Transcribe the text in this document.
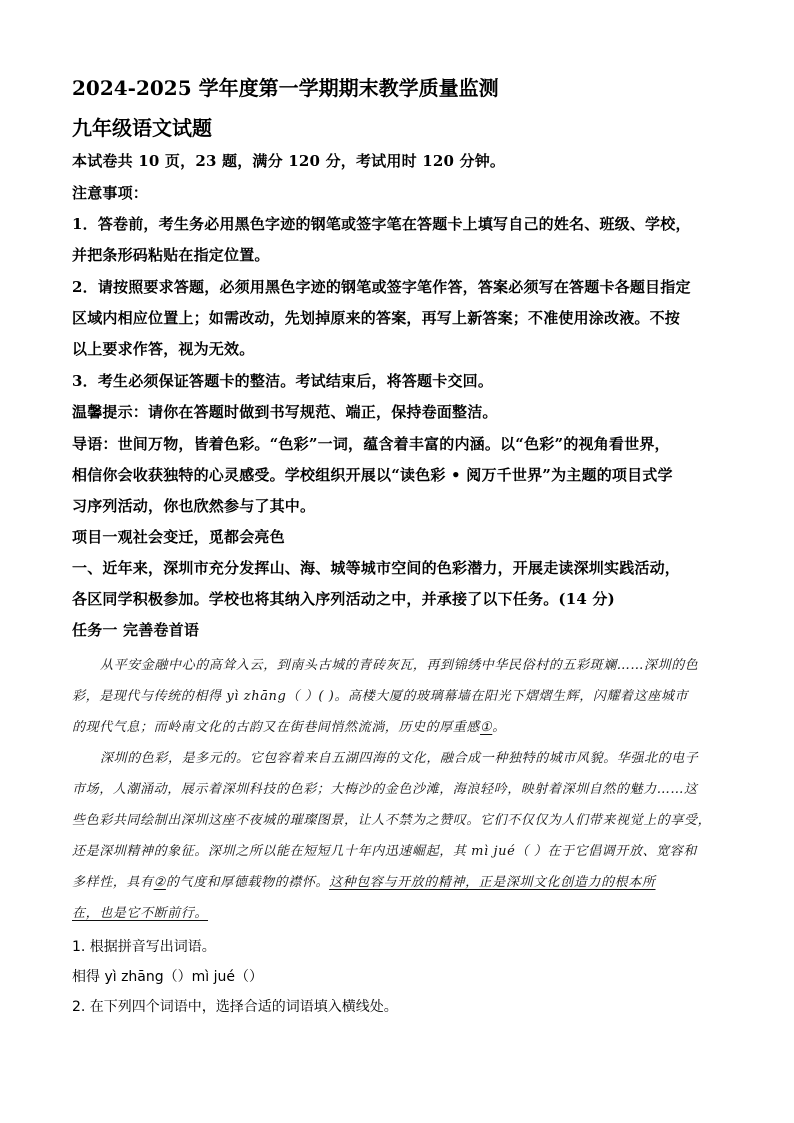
2024-2025 学年度第一学期期末教学质量监测
九年级语文试题
本试卷共 10 页，23 题，满分 120 分，考试用时 120 分钟。
注意事项：
1．答卷前，考生务必用黑色字迹的钢笔或签字笔在答题卡上填写自己的姓名、班级、学校，
并把条形码粘贴在指定位置。
2．请按照要求答题，必须用黑色字迹的钢笔或签字笔作答，答案必须写在答题卡各题目指定
区域内相应位置上；如需改动，先划掉原来的答案，再写上新答案；不准使用涂改液。不按
以上要求作答，视为无效。
3．考生必须保证答题卡的整洁。考试结束后，将答题卡交回。
温馨提示：请你在答题时做到书写规范、端正，保持卷面整洁。
导语：世间万物，皆着色彩。“色彩”一词，蕴含着丰富的内涵。以“色彩”的视角看世界，
相信你会收获独特的心灵感受。学校组织开展以“读色彩 • 阅万千世界”为主题的项目式学
习序列活动，你也欣然参与了其中。
项目一观社会变迁，觅都会亮色
一、近年来，深圳市充分发挥山、海、城等城市空间的色彩潜力，开展走读深圳实践活动，
各区同学积极参加。学校也将其纳入序列活动之中，并承接了以下任务。(14 分)
任务一 完善卷首语
从平安金融中心的高耸入云，到南头古城的青砖灰瓦，再到锦绣中华民俗村的五彩斑斓……深圳的色
彩，是现代与传统的相得 yì zhāng（ ）( )。高楼大厦的玻璃幕墙在阳光下熠熠生辉，闪耀着这座城市
的现代气息；而岭南文化的古韵又在街巷间悄然流淌，历史的厚重感①。
深圳的色彩，是多元的。它包容着来自五湖四海的文化，融合成一种独特的城市风貌。华强北的电子
市场，人潮涌动，展示着深圳科技的色彩；大梅沙的金色沙滩，海浪轻吟，映射着深圳自然的魅力……这
些色彩共同绘制出深圳这座不夜城的璀璨图景，让人不禁为之赞叹。它们不仅仅为人们带来视觉上的享受，
还是深圳精神的象征。深圳之所以能在短短几十年内迅速崛起，其 mì jué（ ）在于它倡调开放、宽容和
多样性，具有②的气度和厚德载物的襟怀。这种包容与开放的精神，正是深圳文化创造力的根本所
在，也是它不断前行。
1. 根据拼音写出词语。
相得 yì zhāng（）mì jué（）
2. 在下列四个词语中，选择合适的词语填入横线处。
